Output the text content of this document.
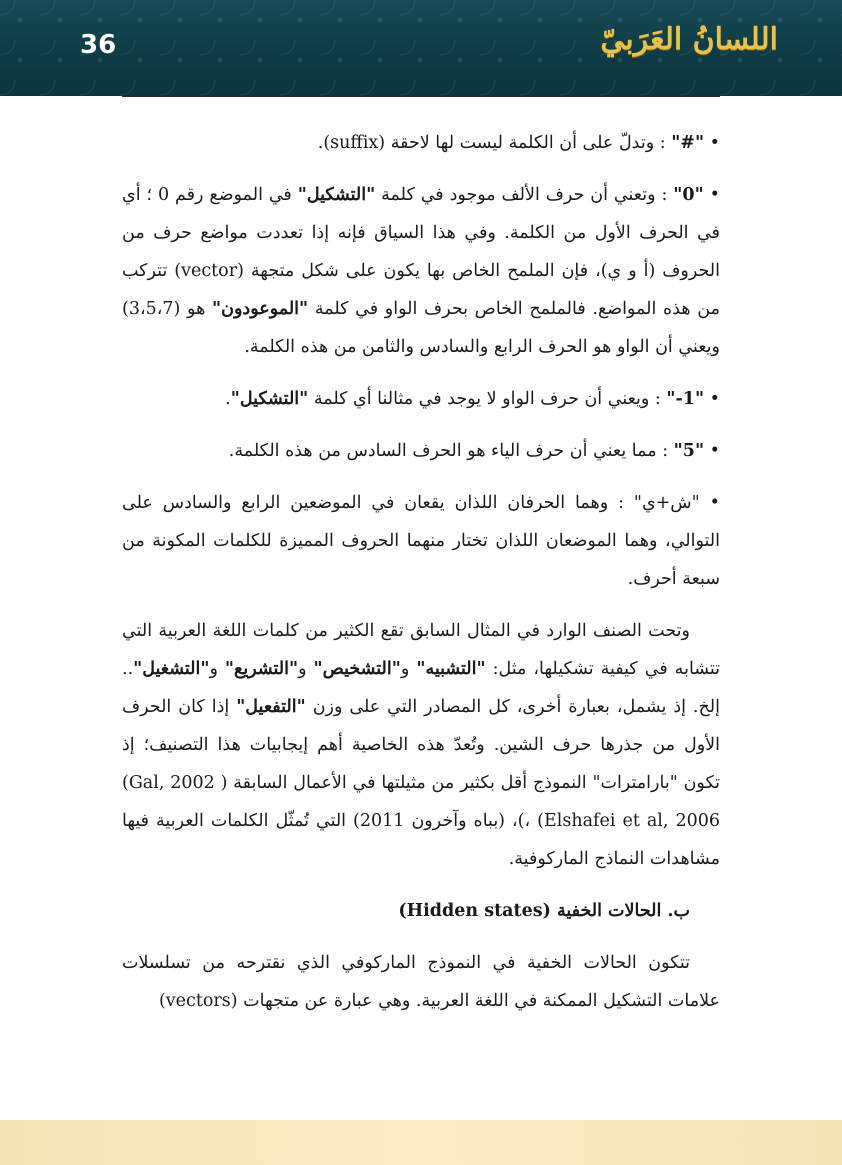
36	اللسانُ العَرَبيّ

• "#" : وتدلّ على أن الكلمة ليست لها لاحقة (suffix).

• "0" : وتعني أن حرف الألف موجود في كلمة "التشكيل" في الموضع رقم 0 ؛ أي في الحرف الأول من الكلمة. وفي هذا السياق فإنه إذا تعددت مواضع حرف من الحروف (أ و ي)، فإن الملمح الخاص بها يكون على شكل متجهة (vector) تتركب من هذه المواضع. فالملمح الخاص بحرف الواو في كلمة "الموعودون" هو (3،5،7) ويعني أن الواو هو الحرف الرابع والسادس والثامن من هذه الكلمة.

• "1-" : ويعني أن حرف الواو لا يوجد في مثالنا أي كلمة "التشكيل".

• "5" : مما يعني أن حرف الياء هو الحرف السادس من هذه الكلمة.

• "ش+ي" : وهما الحرفان اللذان يقعان في الموضعين الرابع والسادس على التوالي، وهما الموضعان اللذان تختار منهما الحروف المميزة للكلمات المكونة من سبعة أحرف.

وتحت الصنف الوارد في المثال السابق تقع الكثير من كلمات اللغة العربية التي تتشابه في كيفية تشكيلها، مثل: "التشبيه" و"التشخيص" و"التشريع" و"التشغيل".. إلخ. إذ يشمل، بعبارة أخرى، كل المصادر التي على وزن "التفعيل" إذا كان الحرف الأول من جذرها حرف الشين. وتُعدّ هذه الخاصية أهم إيجابيات هذا التصنيف؛ إذ تكون "بارامترات" النموذج أقل بكثير من مثيلتها في الأعمال السابقة ( (Gal, 2002 ، (Elshafei et al, 2006)، (بباه وآخرون 2011) التي تُمثّل الكلمات العربية فيها مشاهدات النماذج الماركوفية.

ب. الحالات الخفية (Hidden states)

تتكون الحالات الخفية في النموذج الماركوفي الذي نقترحه من تسلسلات علامات التشكيل الممكنة في اللغة العربية. وهي عبارة عن متجهات (vectors)
